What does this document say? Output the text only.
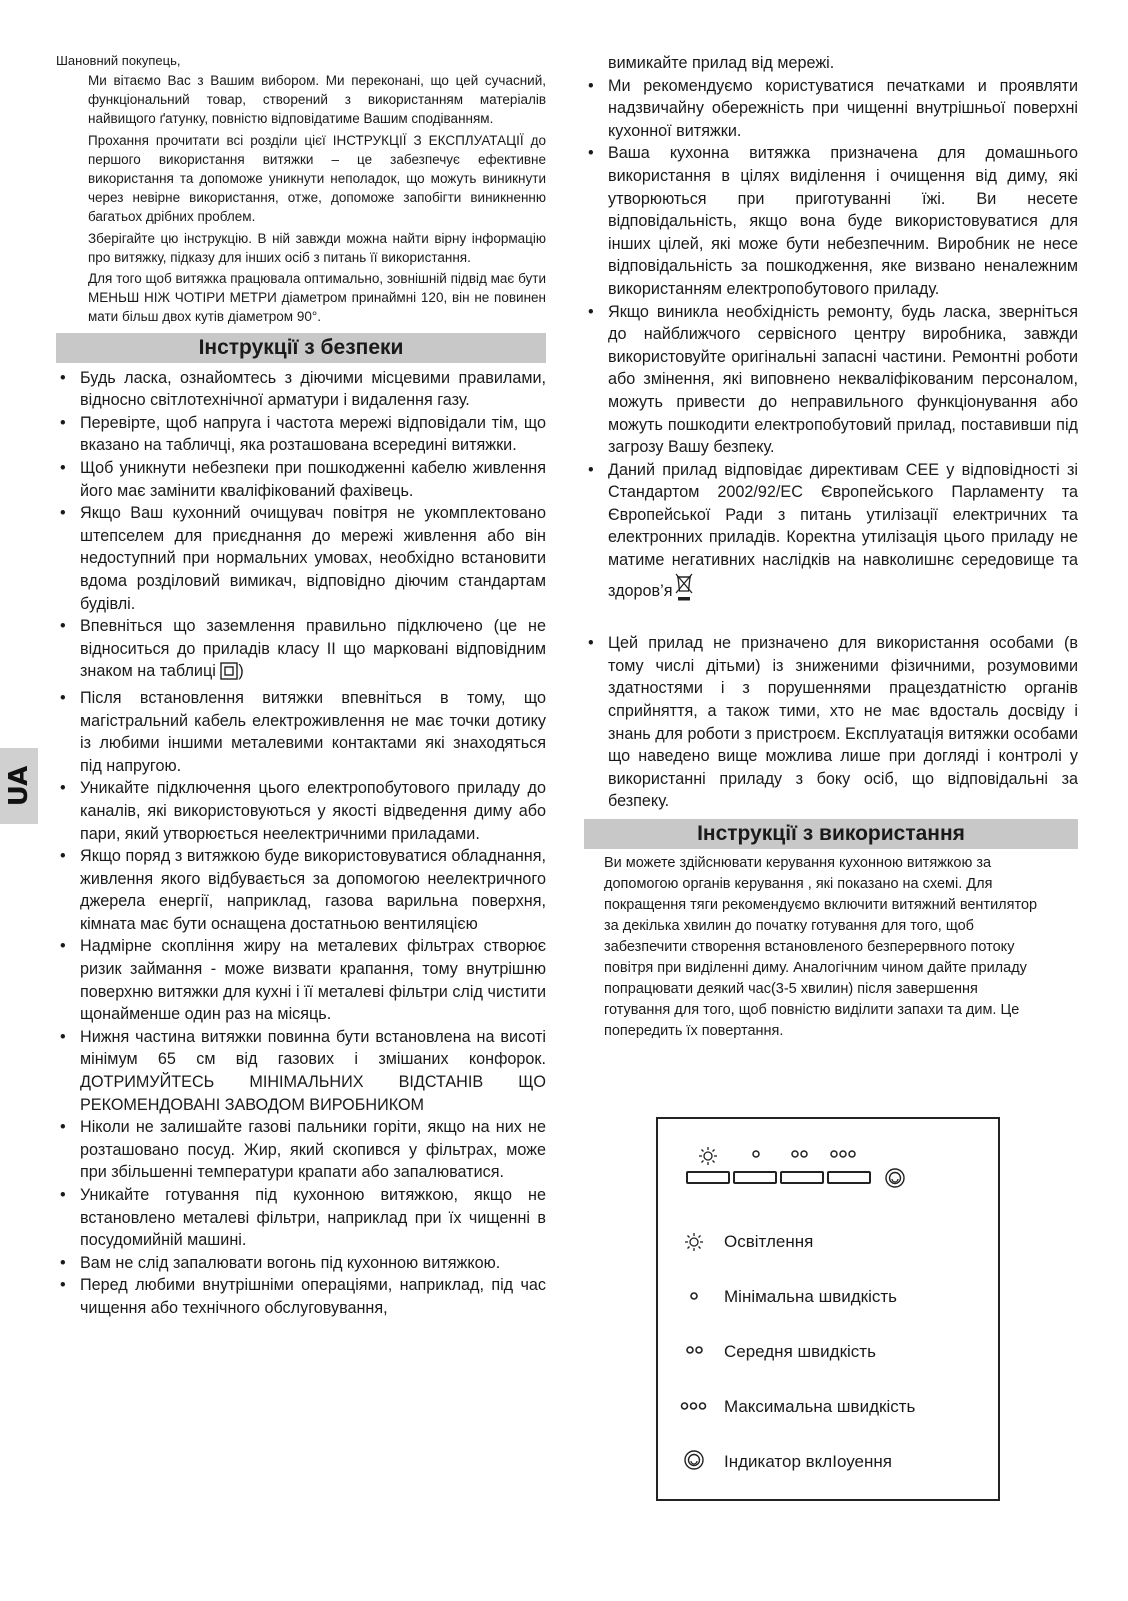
UA
Шановний покупець,

Ми вітаємо Вас з Вашим вибором. Ми переконані, що цей сучасний, функціональний товар, створений з використанням матеріалів найвищого ґатунку, повністю відповідатиме Вашим сподіванням.

Прохання прочитати всі розділи цієї ІНСТРУКЦІЇ З ЕКСПЛУАТАЦІЇ до першого використання витяжки – це забезпечує ефективне використання та допоможе уникнути неполадок, що можуть виникнути через невірне використання, отже, допоможе запобігти виникненню багатьох дрібних проблем.

Зберігайте цю інструкцію. В ній завжди можна найти вірну інформацію про витяжку, підказу для інших осіб з питань її використання.

Для того щоб витяжка працювала оптимально, зовнішній підвід має бути МЕНЬШ НІЖ ЧОТІРИ МЕТРИ діаметром принаймні 120, він не повинен мати більш двох кутів діаметром 90°.

Інструкції з безпеки
• Будь ласка, ознайомтесь з діючими місцевими правилами, відносно світлотехнічної арматури і видалення газу.
• Перевірте, щоб напруга і частота мережі відповідали тім, що вказано на табличці, яка розташована всередині витяжки.
• Щоб уникнути небезпеки при пошкодженні кабелю живлення його має замінити кваліфікований фахівець.
• Якщо Ваш кухонний очищувач повітря не укомплектовано штепселем для приєднання до мережі живлення або він недоступний при нормальних умовах, необхідно встановити вдома розділовий вимикач, відповідно діючим стандартам будівлі.
• Впевніться що заземлення правильно підключено (це не відноситься до приладів класу II що марковані відповідним знаком на таблиці )
• Після встановлення витяжки впевніться в тому, що магістральний кабель електроживлення не має точки дотику із любими іншими металевими контактами які знаходяться під напругою.
• Уникайте підключення цього електропобутового приладу до каналів, які використовуються у якості відведення диму або пари, який утворюється неелектричними приладами.
• Якщо поряд з витяжкою буде використовуватися обладнання, живлення якого відбувається за допомогою неелектричного джерела енергії, наприклад, газова варильна поверхня, кімната має бути оснащена достатньою вентиляцією
• Надмірне скопління жиру на металевих фільтрах створює ризик займання - може визвати крапання, тому внутрішню поверхню витяжки для кухні і її металеві фільтри слід чистити щонайменше один раз на місяць.
• Нижня частина витяжки повинна бути встановлена на висоті мінімум 65 см від газових і змішаних конфорок. ДОТРИМУЙТЕСЬ МІНІМАЛЬНИХ ВІДСТАНІВ ЩО РЕКОМЕНДОВАНІ ЗАВОДОМ ВИРОБНИКОМ
• Ніколи не залишайте газові пальники горіти, якщо на них не розташовано посуд. Жир, який скопився у фільтрах, може при збільшенні температури крапати або запалюватися.
• Уникайте готування під кухонною витяжкою, якщо не встановлено металеві фільтри, наприклад при їх чищенні в посудомийній машині.
• Вам не слід запалювати вогонь під кухонною витяжкою.
• Перед любими внутрішніми операціями, наприклад, під час чищення або технічного обслуговування,
вимикайте прилад від мережі.
• Ми рекомендуємо користуватися печатками и проявляти надзвичайну обережність при чищенні внутрішньої поверхні кухонної витяжки.
• Ваша кухонна витяжка призначена для домашнього використання в цілях виділення і очищення від диму, які утворюються при приготуванні їжі. Ви несете відповідальність, якщо вона буде використовуватися для інших цілей, які може бути небезпечним. Виробник не несе відповідальність за пошкодження, яке визвано неналежним використанням електропобутового приладу.
• Якщо виникла необхідність ремонту, будь ласка, зверніться до найближчого сервісного центру виробника, завжди використовуйте оригінальні запасні частини. Ремонтні роботи або змінення, які виповнено некваліфікованим персоналом, можуть привести до неправильного функціонування або можуть пошкодити електропобутовий прилад, поставивши під загрозу Вашу безпеку.
• Даний прилад відповідає директивам CEE у відповідності зі Стандартом 2002/92/EC Європейського Парламенту та Європейської Ради з питань утилізації електричних та електронних приладів. Коректна утилізація цього приладу не матиме негативних наслідків на навколишнє середовище та здоров’я
• Цей прилад не призначено для використання особами (в тому числі дітьми) із зниженими фізичними, розумовими здатностями і з порушеннями працездатністю органів сприйняття, а також тими, хто не має вдосталь досвіду і знань для роботи з пристроєм. Експлуатація витяжки особами що наведено вище можлива лише при догляді і контролі у використанні приладу з боку осіб, що відповідальні за безпеку.
Інструкції з використання

Ви можете здійснювати керування кухонною витяжкою за допомогою органів керування , які показано на схемі. Для покращення тяги рекомендуємо включити витяжний вентилятор за декілька хвилин до початку готування для того, щоб забезпечити створення встановленого безперервного потоку повітря при виділенні диму. Аналогічним чином дайте приладу попрацювати деякий час(3-5 хвилин) після завершення готування для того, щоб повністю виділити запахи та дим. Це попередить їх повертання.

Освітлення
Мінімальна швидкість
Середня швидкість
Максимальна швидкість
Індикатор вклІоуення
